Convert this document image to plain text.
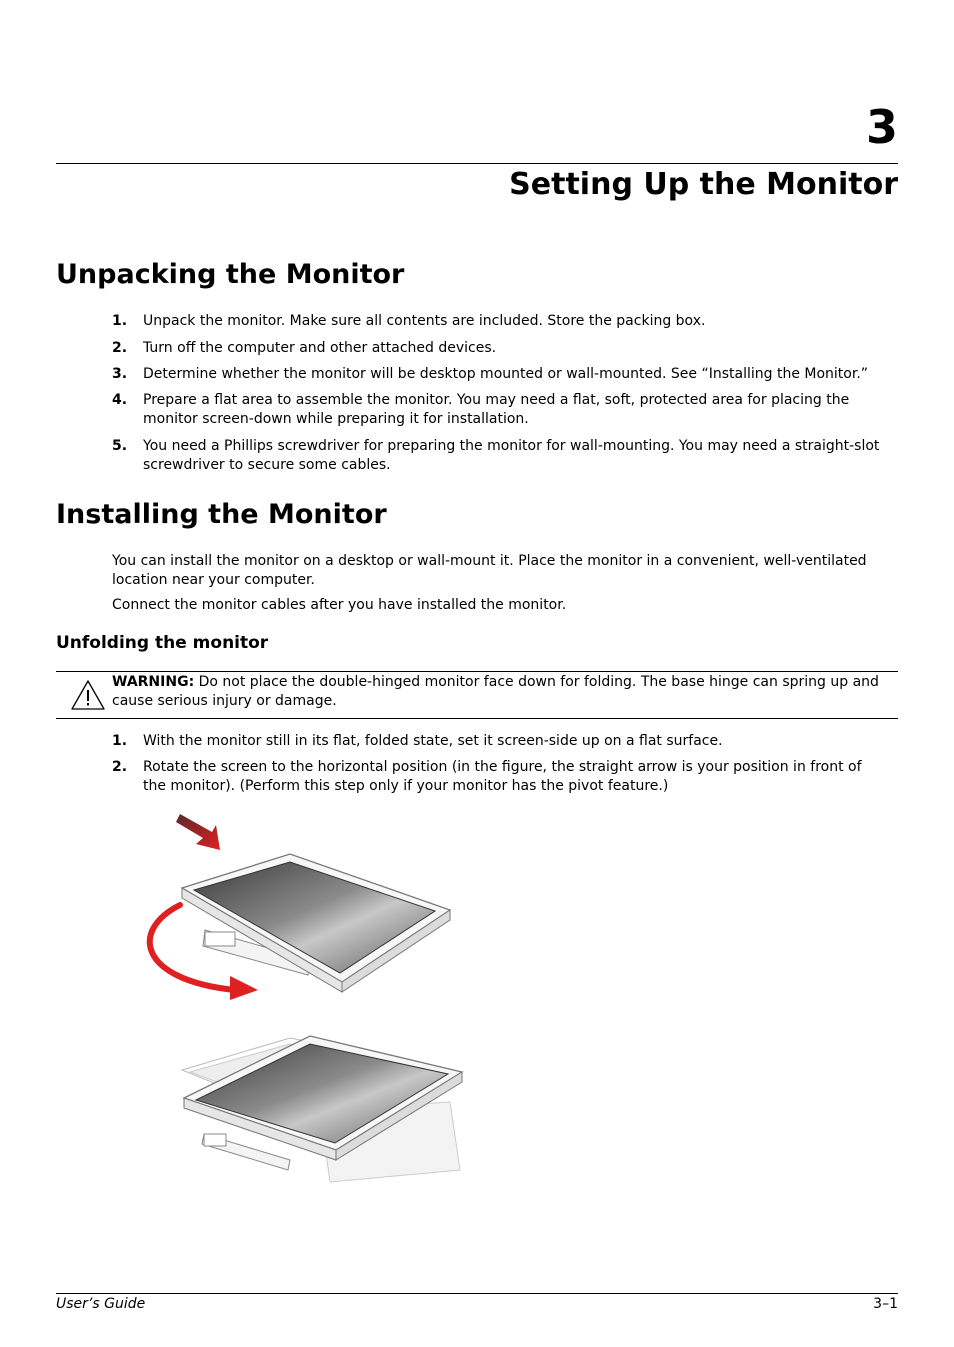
3
Setting Up the Monitor
Unpacking the Monitor
1.	Unpack the monitor. Make sure all contents are included. Store the packing box.
2.	Turn off the computer and other attached devices.
3.	Determine whether the monitor will be desktop mounted or wall-mounted. See “Installing the Monitor.”
4.	Prepare a flat area to assemble the monitor. You may need a flat, soft, protected area for placing the monitor screen-down while preparing it for installation.
5.	You need a Phillips screwdriver for preparing the monitor for wall-mounting. You may need a straight-slot screwdriver to secure some cables.
Installing the Monitor
You can install the monitor on a desktop or wall-mount it. Place the monitor in a convenient, well-ventilated location near your computer.
Connect the monitor cables after you have installed the monitor.
Unfolding the monitor
WARNING: Do not place the double-hinged monitor face down for folding. The base hinge can spring up and cause serious injury or damage.
1.	With the monitor still in its flat, folded state, set it screen-side up on a flat surface.
2.	Rotate the screen to the horizontal position (in the figure, the straight arrow is your position in front of the monitor). (Perform this step only if your monitor has the pivot feature.)
User’s Guide	3–1
